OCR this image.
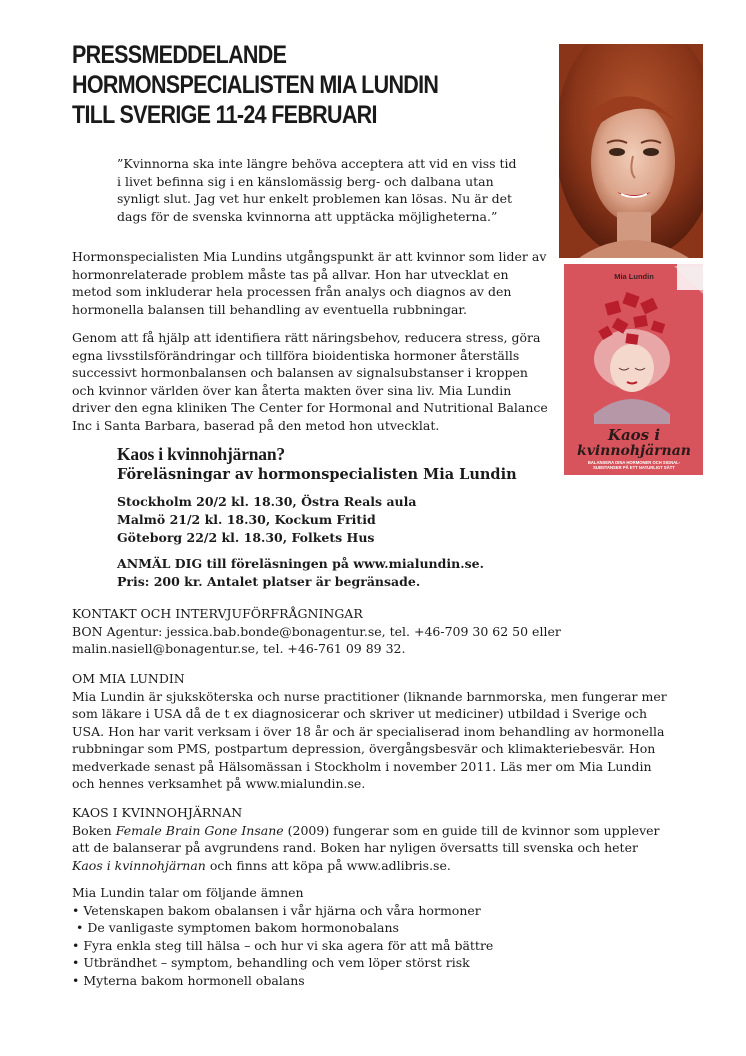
PRESSMEDDELANDE
HORMONSPECIALISTEN MIA LUNDIN
TILL SVERIGE 11-24 FEBRUARI
”Kvinnorna ska inte längre behöva acceptera att vid en viss tid i livet befinna sig i en känslomässig berg- och dalbana utan synligt slut. Jag vet hur enkelt problemen kan lösas. Nu är det dags för de svenska kvinnorna att upptäcka möjligheterna.”

Hormonspecialisten Mia Lundins utgångspunkt är att kvinnor som lider av hormonrelaterade problem måste tas på allvar. Hon har utvecklat en metod som inkluderar hela processen från analys och diagnos av den hormonella balansen till behandling av eventuella rubbningar.

Genom att få hjälp att identifiera rätt näringsbehov, reducera stress, göra egna livsstilsförändringar och tillföra bioidentiska hormoner återställs successivt hormonbalansen och balansen av signalsubstanser i kroppen och kvinnor världen över kan återta makten över sina liv. Mia Lundin driver den egna kliniken The Center for Hormonal and Nutritional Balance Inc i Santa Barbara, baserad på den metod hon utvecklat.

Kaos i kvinnohjärnan?
Föreläsningar av hormonspecialisten Mia Lundin
Stockholm 20/2 kl. 18.30, Östra Reals aula
Malmö 21/2 kl. 18.30, Kockum Fritid
Göteborg 22/2 kl. 18.30, Folkets Hus
ANMÄL DIG till föreläsningen på www.mialundin.se.
Pris: 200 kr. Antalet platser är begränsade.
KONTAKT OCH INTERVJUFÖRFRÅGNINGAR
BON Agentur: jessica.bab.bonde@bonagentur.se, tel. +46-709 30 62 50 eller
malin.nasiell@bonagentur.se, tel. +46-761 09 89 32.
OM MIA LUNDIN
Mia Lundin är sjuksköterska och nurse practitioner (liknande barnmorska, men fungerar mer som läkare i USA då de t ex diagnosicerar och skriver ut mediciner) utbildad i Sverige och USA. Hon har varit verksam i över 18 år och är specialiserad inom behandling av hormonella rubbningar som PMS, postpartum depression, övergångsbesvär och klimakteriebesvär. Hon medverkade senast på Hälsomässan i Stockholm i november 2011. Läs mer om Mia Lundin och hennes verksamhet på www.mialundin.se.
KAOS I KVINNOHJÄRNAN
Boken Female Brain Gone Insane (2009) fungerar som en guide till de kvinnor som upplever att de balanserar på avgrundens rand. Boken har nyligen översatts till svenska och heter Kaos i kvinnohjärnan och finns att köpa på www.adlibris.se.
Mia Lundin talar om följande ämnen
• Vetenskapen bakom obalansen i vår hjärna och våra hormoner
• De vanligaste symptomen bakom hormonobalans
• Fyra enkla steg till hälsa – och hur vi ska agera för att må bättre
• Utbrändhet – symptom, behandling och vem löper störst risk
• Myterna bakom hormonell obalans
Mia Lundin
Kaos i
kvinnohjärnan
BALANSERA DINA HORMONER OCH SIGNAL-
SUBSTANSER PÅ ETT NATURLIGT SÄTT
